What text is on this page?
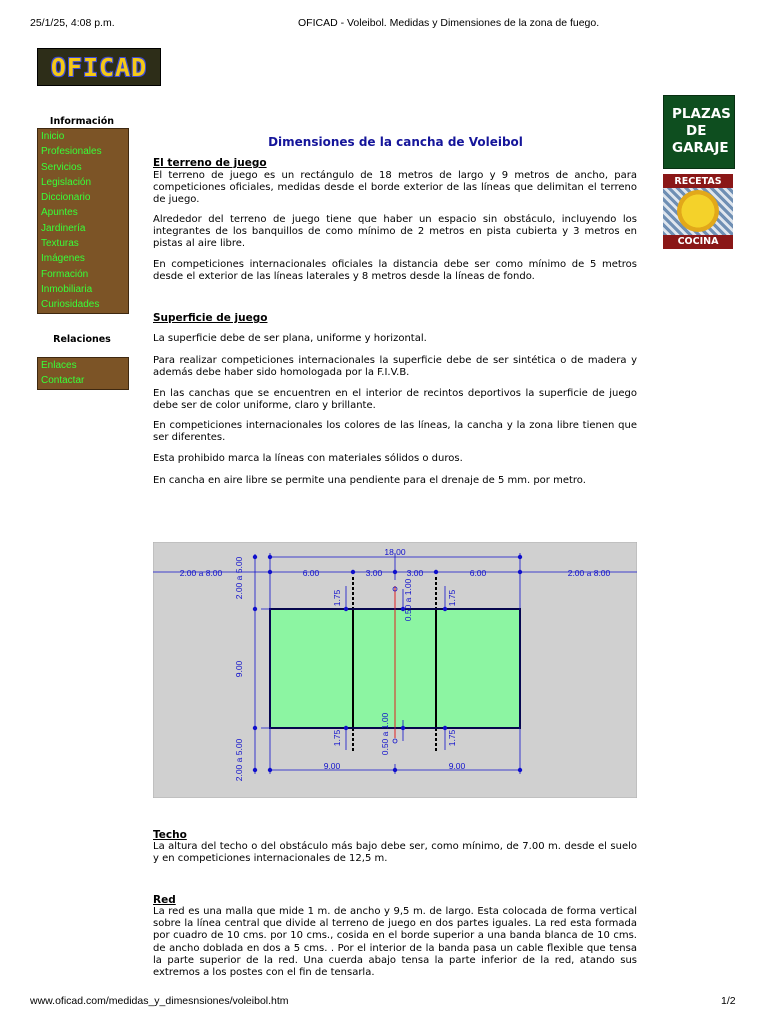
25/1/25, 4:08 p.m.	OFICAD - Voleibol. Medidas y Dimensiones de la zona de fuego.
OFICAD
Información
Inicio
Profesionales
Servicios
Legislación
Diccionario
Apuntes
Jardinería
Texturas
Imágenes
Formación
Inmobiliaria
Curiosidades
Relaciones
Enlaces
Contactar
PLAZAS
DE
GARAJE
RECETAS
COCINA
Dimensiones de la cancha de Voleibol

El terreno de juego

El terreno de juego es un rectángulo de 18 metros de largo y 9 metros de ancho, para competiciones oficiales, medidas desde el borde exterior de las líneas que delimitan el terreno de juego.

Alrededor del terreno de juego tiene que haber un espacio sin obstáculo, incluyendo los integrantes de los banquillos de como mínimo de 2 metros en pista cubierta y 3 metros en pistas al aire libre.

En competiciones internacionales oficiales la distancia debe ser como mínimo de 5 metros desde el exterior de las líneas laterales y 8 metros desde la líneas de fondo.

Superficie de juego

La superficie debe de ser plana, uniforme y horizontal.

Para realizar competiciones internacionales la superficie debe de ser sintética o de madera y además debe haber sido homologada por la F.I.V.B.

En las canchas que se encuentren en el interior de recintos deportivos la superficie de juego debe ser de color uniforme, claro y brillante.

En competiciones internacionales los colores de las líneas, la cancha y la zona libre tienen que ser diferentes.

Esta prohibido marca la líneas con materiales sólidos o duros.

En cancha en aire libre se permite una pendiente para el drenaje de 5 mm. por metro.

18.00
2.00 a 8.00	2.00 a 8.00
6.00	3.00	3.00	6.00
9.00	9.00
2.00 a 5.00
9.00
2.00 a 5.00
1.75	1.75
1.75	1.75
0.50 a 1.00
0.50 a 1.00

Techo

La altura del techo o del obstáculo más bajo debe ser, como mínimo, de 7.00 m. desde el suelo y en competiciones internacionales de 12,5 m.

Red

La red es una malla que mide 1 m. de ancho y 9,5 m. de largo. Esta colocada de forma vertical sobre la línea central que divide al terreno de juego en dos partes iguales. La red esta formada por cuadro de 10 cms. por 10 cms., cosida en el borde superior a una banda blanca de 10 cms. de ancho doblada en dos a 5 cms. . Por el interior de la banda pasa un cable flexible que tensa la parte superior de la red. Una cuerda abajo tensa la parte inferior de la red, atando sus extremos a los postes con el fin de tensarla.

www.oficad.com/medidas_y_dimesnsiones/voleibol.htm	1/2
